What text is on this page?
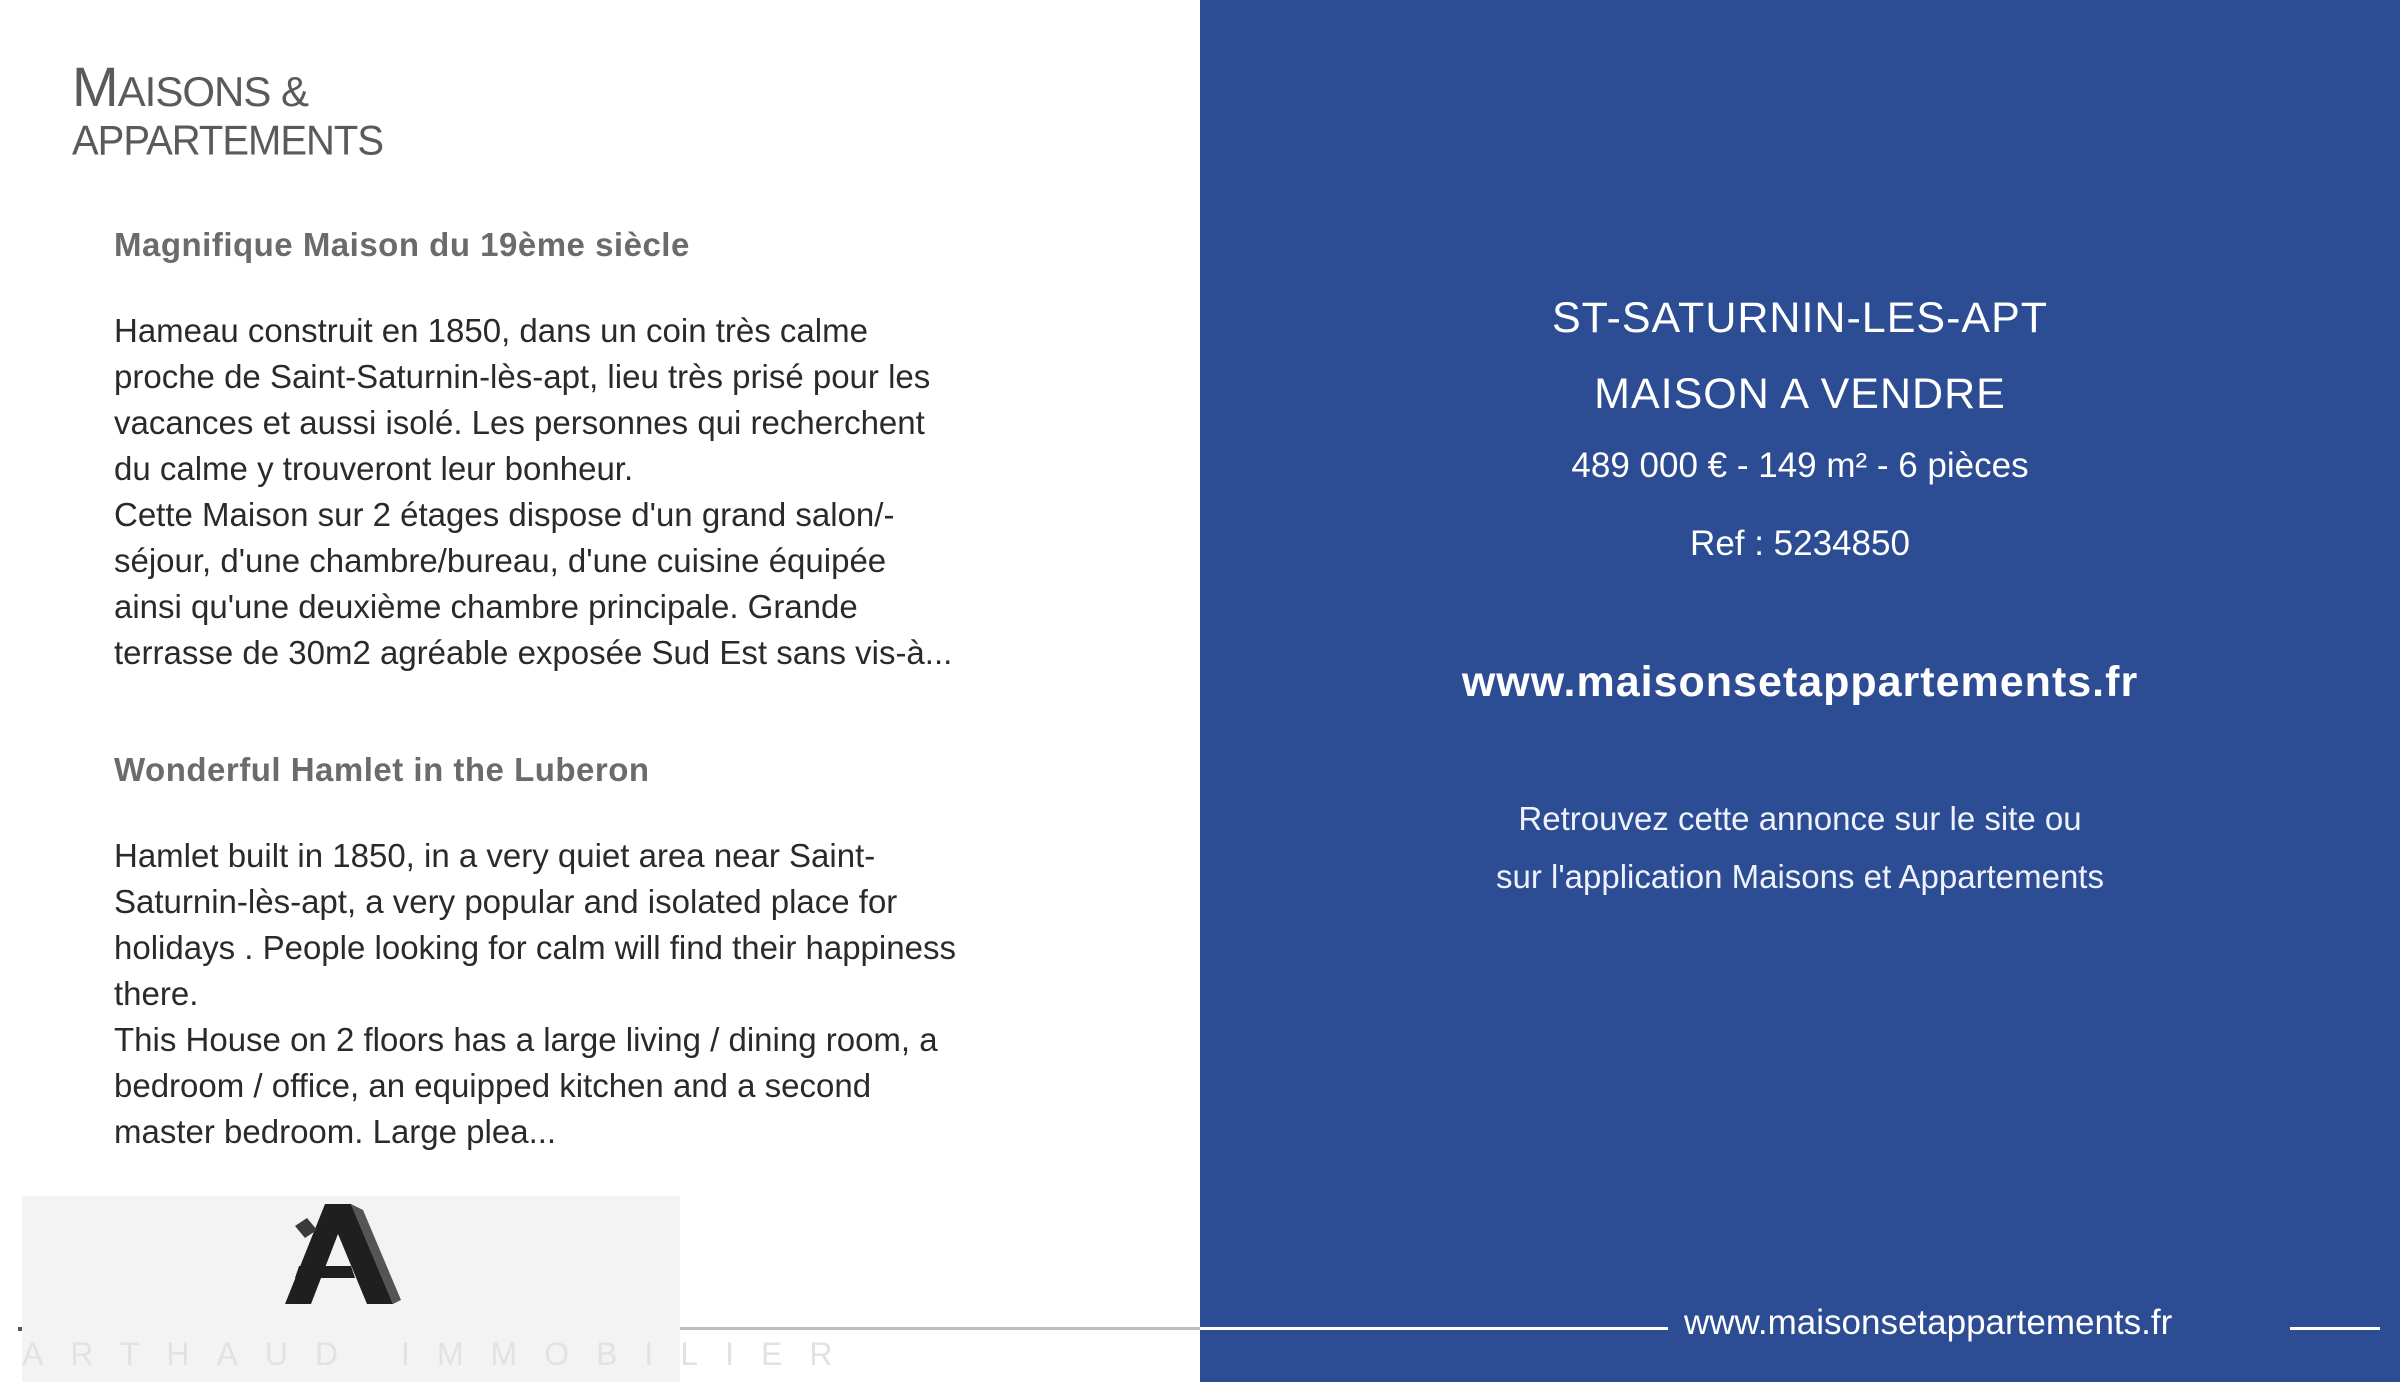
MAISONS &
APPARTEMENTS
Magnifique Maison du 19ème siècle
Hameau construit en 1850, dans un coin très calme
proche de Saint-Saturnin-lès-apt, lieu très prisé pour les
vacances et aussi isolé. Les personnes qui recherchent
du calme y trouveront leur bonheur.
Cette Maison sur 2 étages dispose d'un grand salon/-
séjour, d'une chambre/bureau, d'une cuisine équipée
ainsi qu'une deuxième chambre principale. Grande
terrasse de 30m2 agréable exposée Sud Est sans vis-à...
Wonderful Hamlet in the Luberon
Hamlet built in 1850, in a very quiet area near Saint-
Saturnin-lès-apt, a very popular and isolated place for
holidays . People looking for calm will find their happiness
there.
This House on 2 floors has a large living / dining room, a
bedroom / office, an equipped kitchen and a second
master bedroom. Large plea...
ARTHAUD IMMOBILIER
ST-SATURNIN-LES-APT
MAISON A VENDRE
489 000 € - 149 m² - 6 pièces
Ref : 5234850
www.maisonsetappartements.fr
Retrouvez cette annonce sur le site ou
sur l'application Maisons et Appartements
www.maisonsetappartements.fr
